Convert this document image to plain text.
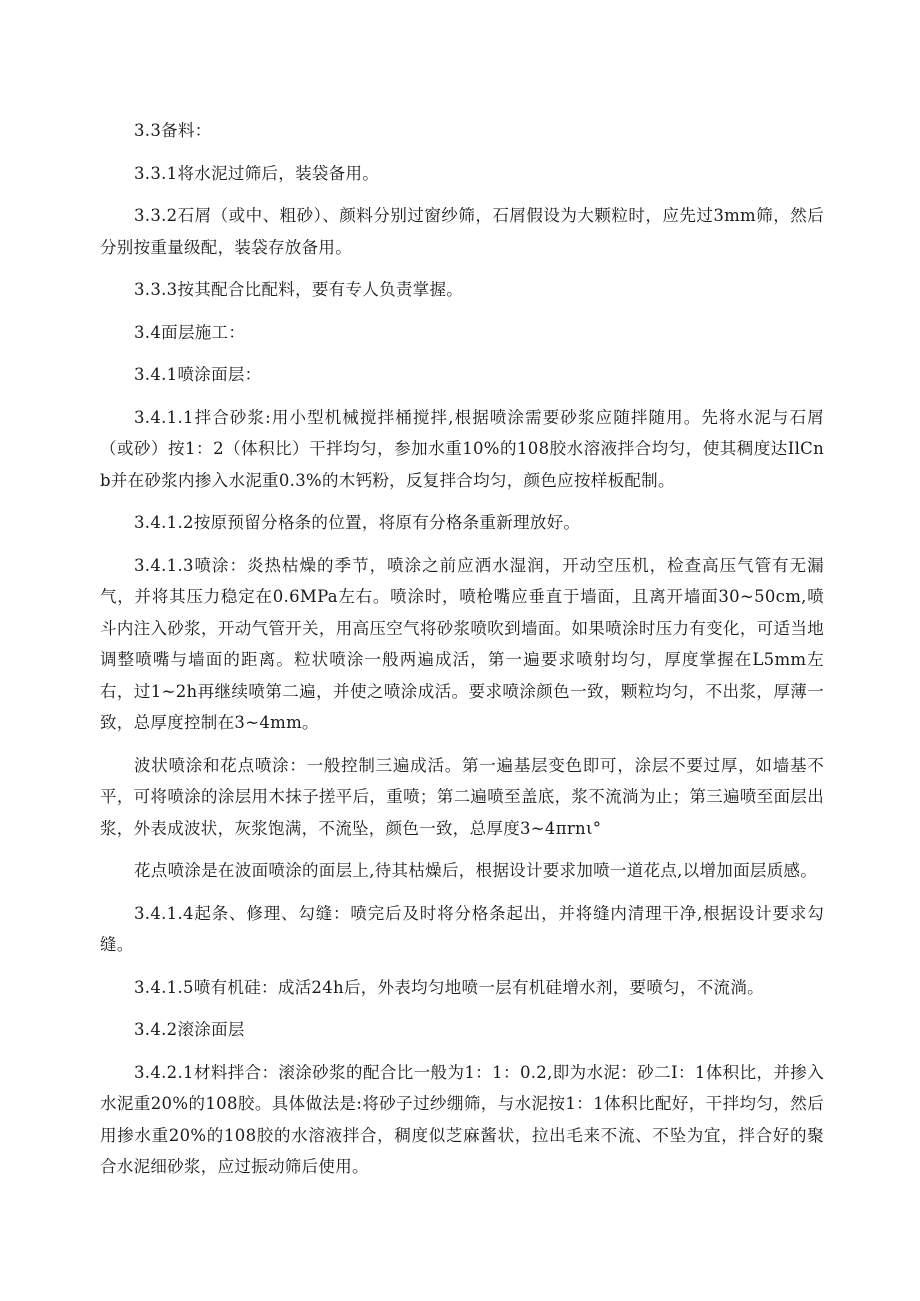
3.3备料：

3.3.1将水泥过筛后，装袋备用。

3.3.2石屑（或中、粗砂）、颜料分别过窗纱筛，石屑假设为大颗粒时，应先过3mm筛，然后分别按重量级配，装袋存放备用。

3.3.3按其配合比配料，要有专人负责掌握。

3.4面层施工：

3.4.1喷涂面层：

3.4.1.1拌合砂浆:用小型机械搅拌桶搅拌,根据喷涂需要砂浆应随拌随用。先将水泥与石屑（或砂）按1：2（体积比）干拌均匀，参加水重10%的108胶水溶液拌合均匀，使其稠度达IlCnb并在砂浆内掺入水泥重0.3%的木钙粉，反复拌合均匀，颜色应按样板配制。

3.4.1.2按原预留分格条的位置，将原有分格条重新理放好。

3.4.1.3喷涂：炎热枯燥的季节，喷涂之前应洒水湿润，开动空压机，检查高压气管有无漏气，并将其压力稳定在0.6MPa左右。喷涂时，喷枪嘴应垂直于墙面，且离开墙面30~50cm,喷斗内注入砂浆，开动气管开关，用高压空气将砂浆喷吹到墙面。如果喷涂时压力有变化，可适当地调整喷嘴与墙面的距离。粒状喷涂一般两遍成活，第一遍要求喷射均匀，厚度掌握在L5mm左右，过1~2h再继续喷第二遍，并使之喷涂成活。要求喷涂颜色一致，颗粒均匀，不出浆，厚薄一致，总厚度控制在3~4mm。

波状喷涂和花点喷涂：一般控制三遍成活。第一遍基层变色即可，涂层不要过厚，如墙基不平，可将喷涂的涂层用木抹子搓平后，重喷；第二遍喷至盖底，浆不流淌为止；第三遍喷至面层出浆，外表成波状，灰浆饱满，不流坠，颜色一致，总厚度3~4πrnι°

花点喷涂是在波面喷涂的面层上,待其枯燥后，根据设计要求加喷一道花点,以增加面层质感。

3.4.1.4起条、修理、勾缝：喷完后及时将分格条起出，并将缝内清理干净,根据设计要求勾缝。

3.4.1.5喷有机硅：成活24h后，外表均匀地喷一层有机硅增水剂，要喷匀，不流淌。

3.4.2滚涂面层

3.4.2.1材料拌合：滚涂砂浆的配合比一般为1：1：0.2,即为水泥：砂二I：1体积比，并掺入水泥重20%的108胶。具体做法是:将砂子过纱绷筛，与水泥按1：1体积比配好，干拌均匀，然后用掺水重20%的108胶的水溶液拌合，稠度似芝麻酱状，拉出毛来不流、不坠为宜，拌合好的聚合水泥细砂浆，应过振动筛后使用。
